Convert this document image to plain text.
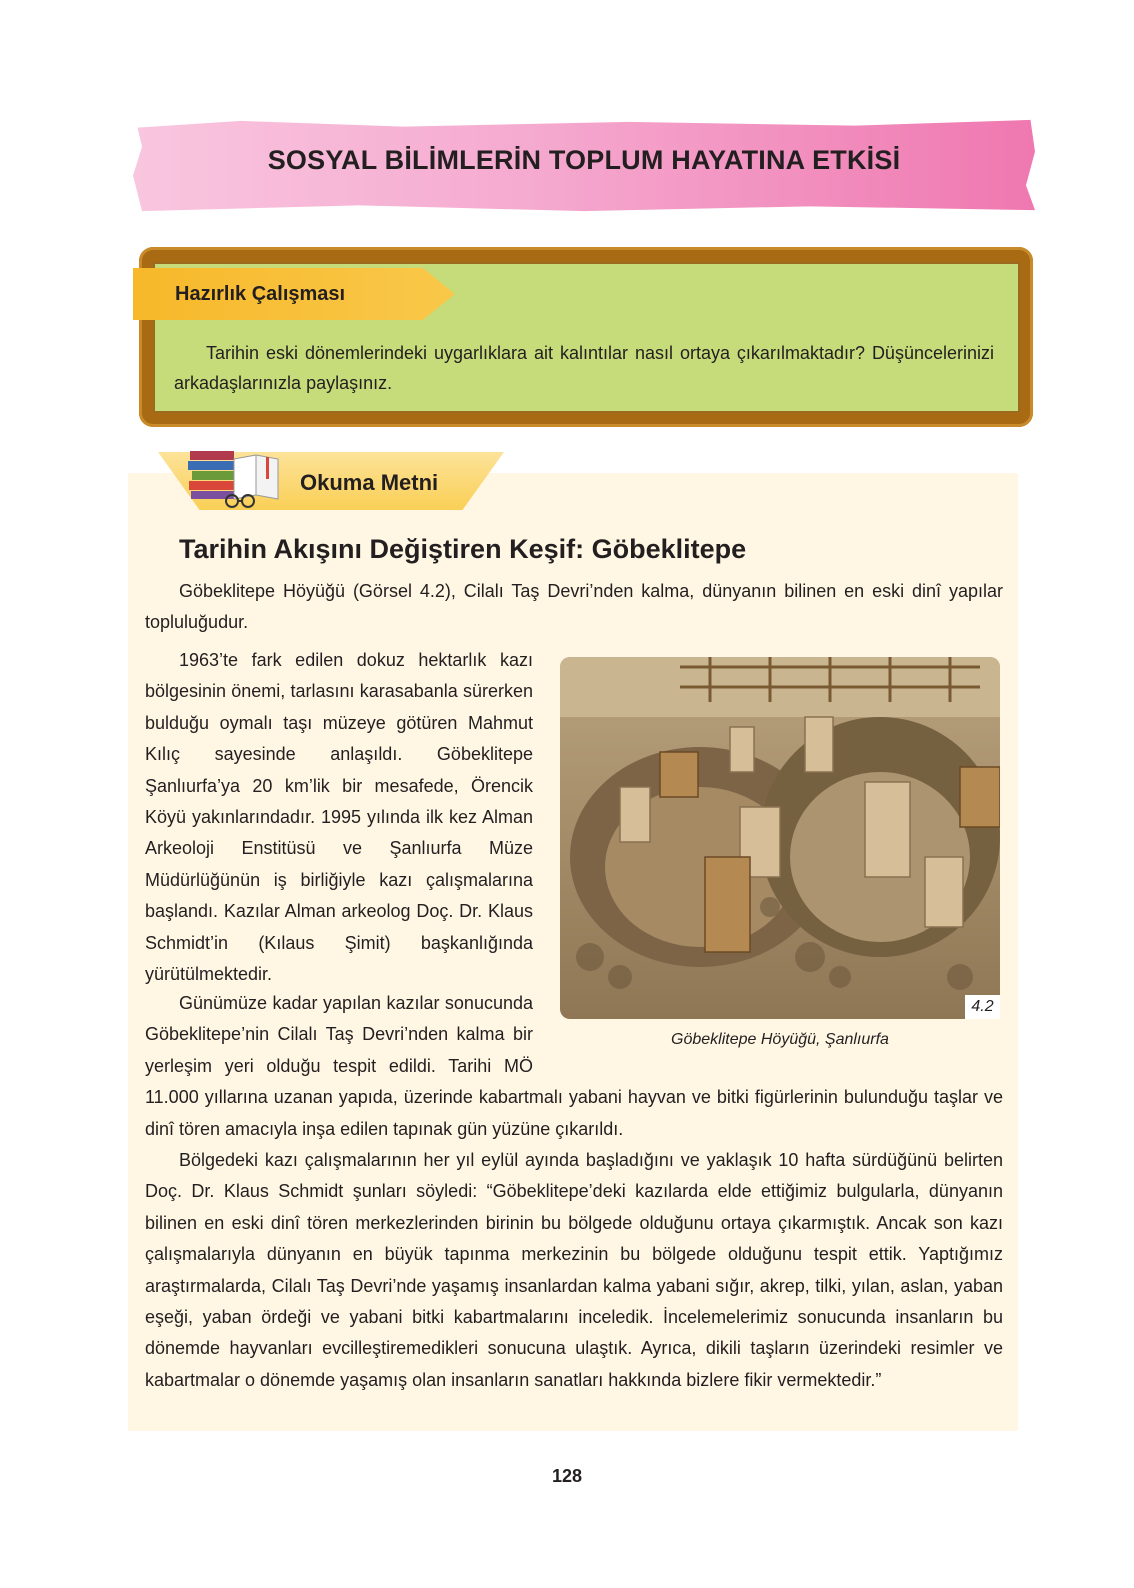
SOSYAL BİLİMLERİN TOPLUM HAYATINA ETKİSİ
Hazırlık Çalışması

Tarihin eski dönemlerindeki uygarlıklara ait kalıntılar nasıl ortaya çıkarılmaktadır? Düşüncelerinizi arkadaşlarınızla paylaşınız.

Okuma Metni
Tarihin Akışını Değiştiren Keşif: Göbeklitepe

Göbeklitepe Höyüğü (Görsel 4.2), Cilalı Taş Devri’nden kalma, dünyanın bilinen en eski dinî yapılar topluluğudur.

1963’te fark edilen dokuz hektarlık kazı bölgesinin önemi, tarlasını karasabanla sürerken bulduğu oymalı taşı müzeye götüren Mahmut Kılıç sayesinde anlaşıldı. Göbeklitepe Şanlıurfa’ya 20 km’lik bir mesafede, Örencik Köyü yakınlarındadır. 1995 yılında ilk kez Alman Arkeoloji Enstitüsü ve Şanlıurfa Müze Müdürlüğünün iş birliğiyle kazı çalışmalarına başlandı. Kazılar Alman arkeolog Doç. Dr. Klaus Schmidt’in (Kılaus Şimit) başkanlığında yürütülmektedir.

Günümüze kadar yapılan kazılar sonucunda Göbeklitepe’nin Cilalı Taş Devri’nden kalma bir yerleşim yeri olduğu tespit edildi. Tarihi MÖ 11.000 yıllarına uzanan yapıda, üzerinde kabartmalı yabani hayvan ve bitki figürlerinin bulunduğu taşlar ve dinî tören amacıyla inşa edilen tapınak gün yüzüne çıkarıldı.

Bölgedeki kazı çalışmalarının her yıl eylül ayında başladığını ve yaklaşık 10 hafta sürdüğünü belirten Doç. Dr. Klaus Schmidt şunları söyledi: “Göbeklitepe’deki kazılarda elde ettiğimiz bulgularla, dünyanın bilinen en eski dinî tören merkezlerinden birinin bu bölgede olduğunu ortaya çıkarmıştık. Ancak son kazı çalışmalarıyla dünyanın en büyük tapınma merkezinin bu bölgede olduğunu tespit ettik. Yaptığımız araştırmalarda, Cilalı Taş Devri’nde yaşamış insanlardan kalma yabani sığır, akrep, tilki, yılan, aslan, yaban eşeği, yaban ördeği ve yabani bitki kabartmalarını inceledik. İncelemelerimiz sonucunda insanların bu dönemde hayvanları evcilleştiremedikleri sonucuna ulaştık. Ayrıca, dikili taşların üzerindeki resimler ve kabartmalar o dönemde yaşamış olan insanların sanatları hakkında bizlere fikir vermektedir.”

4.2
Göbeklitepe Höyüğü, Şanlıurfa
128
